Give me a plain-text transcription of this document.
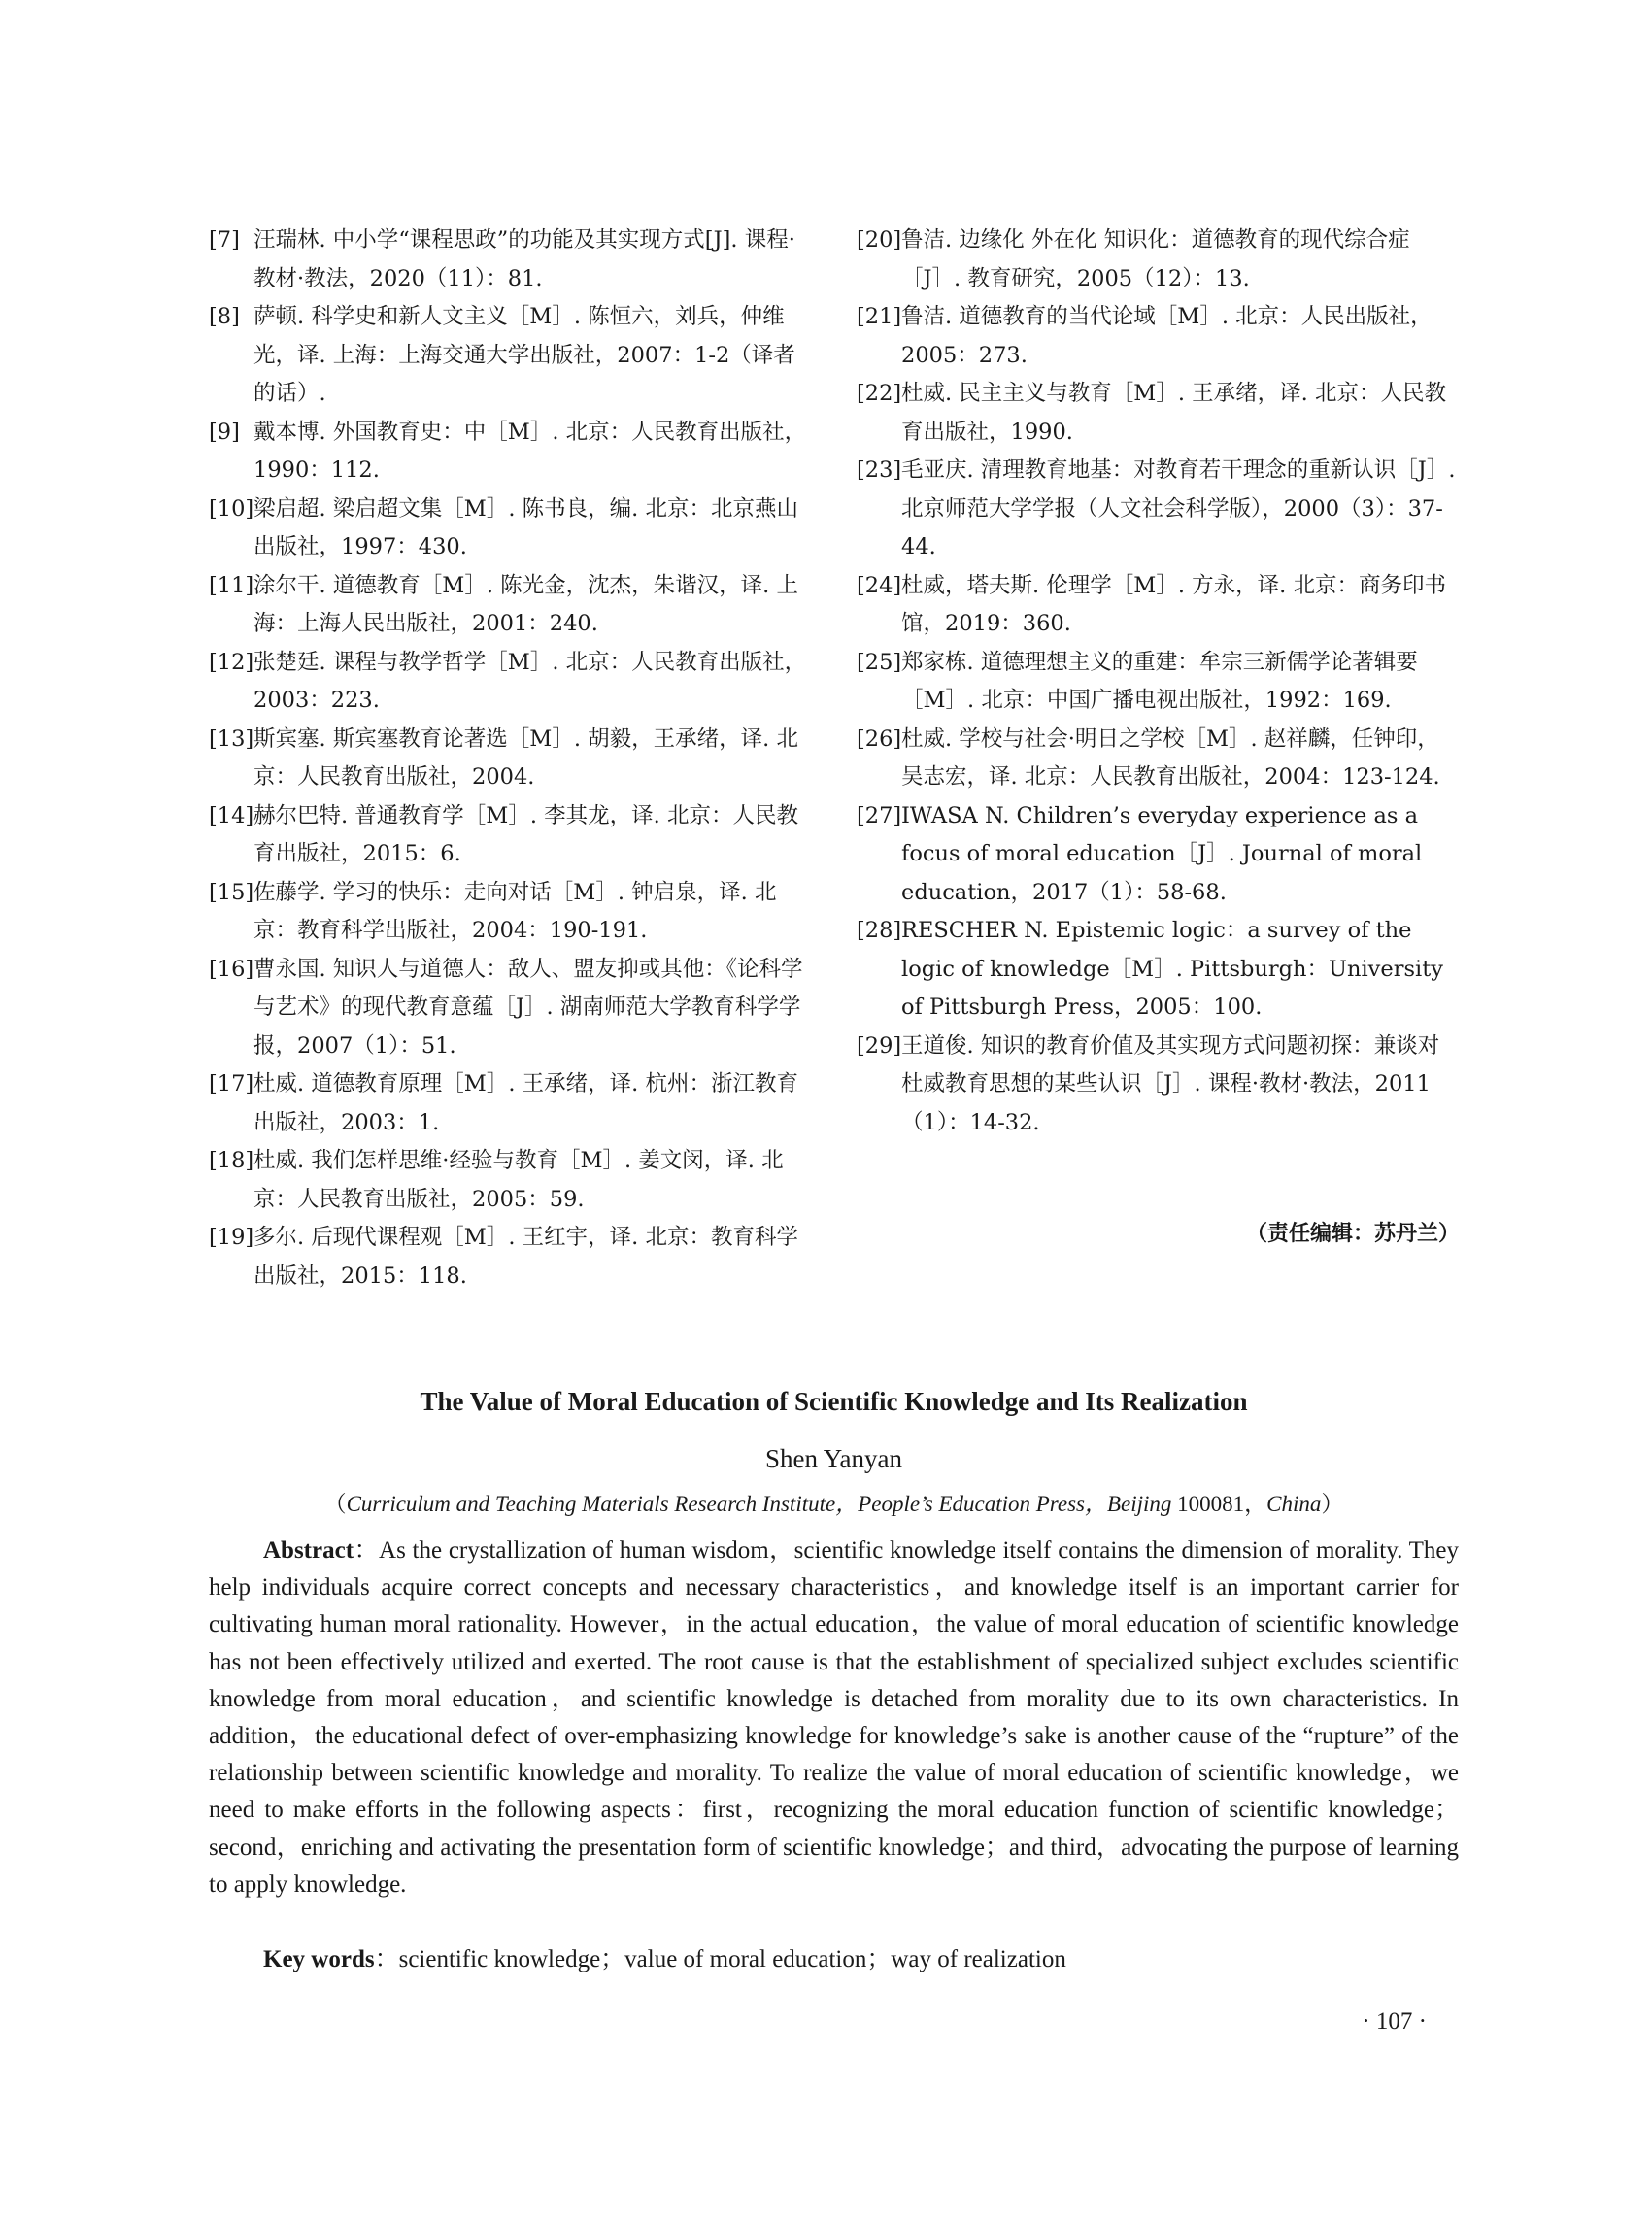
[7] 汪瑞林. 中小学“课程思政”的功能及其实现方式[J]. 课程·教材·教法，2020（11）：81.

[8] 萨顿. 科学史和新人文主义［M］. 陈恒六，刘兵，仲维光，译. 上海：上海交通大学出版社，2007：1-2（译者的话）.

[9] 戴本博. 外国教育史：中［M］. 北京：人民教育出版社，1990：112.

[10] 梁启超. 梁启超文集［M］. 陈书良，编. 北京：北京燕山出版社，1997：430.

[11] 涂尔干. 道德教育［M］. 陈光金，沈杰，朱谐汉，译. 上海：上海人民出版社，2001：240.

[12] 张楚廷. 课程与教学哲学［M］. 北京：人民教育出版社，2003：223.

[13] 斯宾塞. 斯宾塞教育论著选［M］. 胡毅，王承绪，译. 北京：人民教育出版社，2004.

[14] 赫尔巴特. 普通教育学［M］. 李其龙，译. 北京：人民教育出版社，2015：6.

[15] 佐藤学. 学习的快乐：走向对话［M］. 钟启泉，译. 北京：教育科学出版社，2004：190-191.

[16] 曹永国. 知识人与道德人：敌人、盟友抑或其他：《论科学与艺术》的现代教育意蕴［J］. 湖南师范大学教育科学学报，2007（1）：51.

[17] 杜威. 道德教育原理［M］. 王承绪，译. 杭州：浙江教育出版社，2003：1.

[18] 杜威. 我们怎样思维·经验与教育［M］. 姜文闵，译. 北京：人民教育出版社，2005：59.

[19] 多尔. 后现代课程观［M］. 王红宇，译. 北京：教育科学出版社，2015：118.

[20] 鲁洁. 边缘化 外在化 知识化：道德教育的现代综合症［J］. 教育研究，2005（12）：13.

[21] 鲁洁. 道德教育的当代论域［M］. 北京：人民出版社，2005：273.

[22] 杜威. 民主主义与教育［M］. 王承绪，译. 北京：人民教育出版社，1990.

[23] 毛亚庆. 清理教育地基：对教育若干理念的重新认识［J］. 北京师范大学学报（人文社会科学版），2000（3）：37-44.

[24] 杜威，塔夫斯. 伦理学［M］. 方永，译. 北京：商务印书馆，2019：360.

[25] 郑家栋. 道德理想主义的重建：牟宗三新儒学论著辑要［M］. 北京：中国广播电视出版社，1992：169.

[26] 杜威. 学校与社会·明日之学校［M］. 赵祥麟，任钟印，吴志宏，译. 北京：人民教育出版社，2004：123-124.

[27] IWASA N. Children’s everyday experience as a focus of moral education［J］. Journal of moral education，2017（1）：58-68.

[28] RESCHER N. Epistemic logic：a survey of the logic of knowledge［M］. Pittsburgh：University of Pittsburgh Press，2005：100.

[29] 王道俊. 知识的教育价值及其实现方式问题初探：兼谈对杜威教育思想的某些认识［J］. 课程·教材·教法，2011（1）：14-32.

（责任编辑：苏丹兰）
The Value of Moral Education of Scientific Knowledge and Its Realization
Shen Yanyan
（Curriculum and Teaching Materials Research Institute，People’s Education Press，Beijing 100081，China）

Abstract：As the crystallization of human wisdom，scientific knowledge itself contains the dimension of morality. They help individuals acquire correct concepts and necessary characteristics，and knowledge itself is an important carrier for cultivating human moral rationality. However，in the actual education，the value of moral education of scientific knowledge has not been effectively utilized and exerted. The root cause is that the establishment of specialized subject excludes scientific knowledge from moral education，and scientific knowledge is detached from morality due to its own characteristics. In addition，the educational defect of over-emphasizing knowledge for knowledge’s sake is another cause of the “rupture” of the relationship between scientific knowledge and morality. To realize the value of moral education of scientific knowledge，we need to make efforts in the following aspects：first，recognizing the moral education function of scientific knowledge；second，enriching and activating the presentation form of scientific knowledge；and third，advocating the purpose of learning to apply knowledge.

Key words：scientific knowledge；value of moral education；way of realization

· 107 ·
